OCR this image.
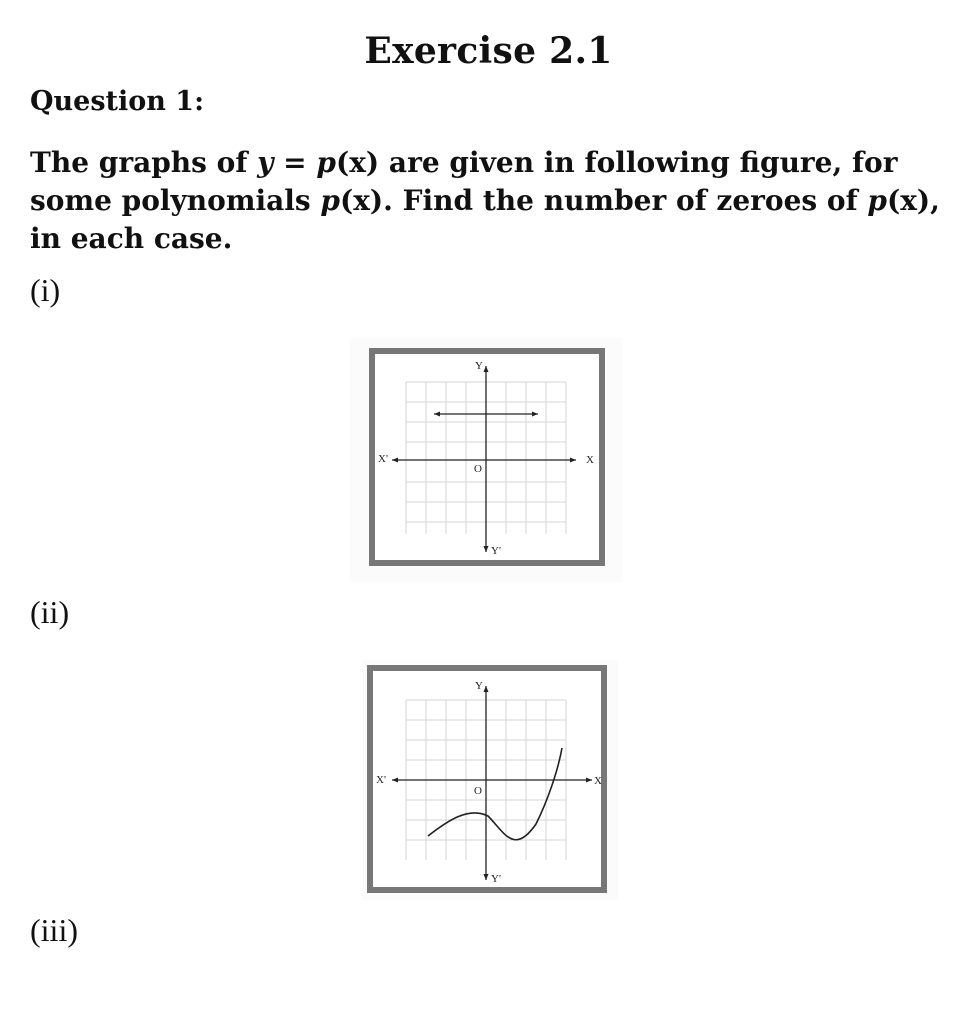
Exercise 2.1
Question 1:
The graphs of y = p(x) are given in following figure, for some polynomials p(x). Find the number of zeroes of p(x), in each case.
(i)
Y
Y'
X'	X
O
(ii)
Y
Y'
X'	X
O
(iii)
